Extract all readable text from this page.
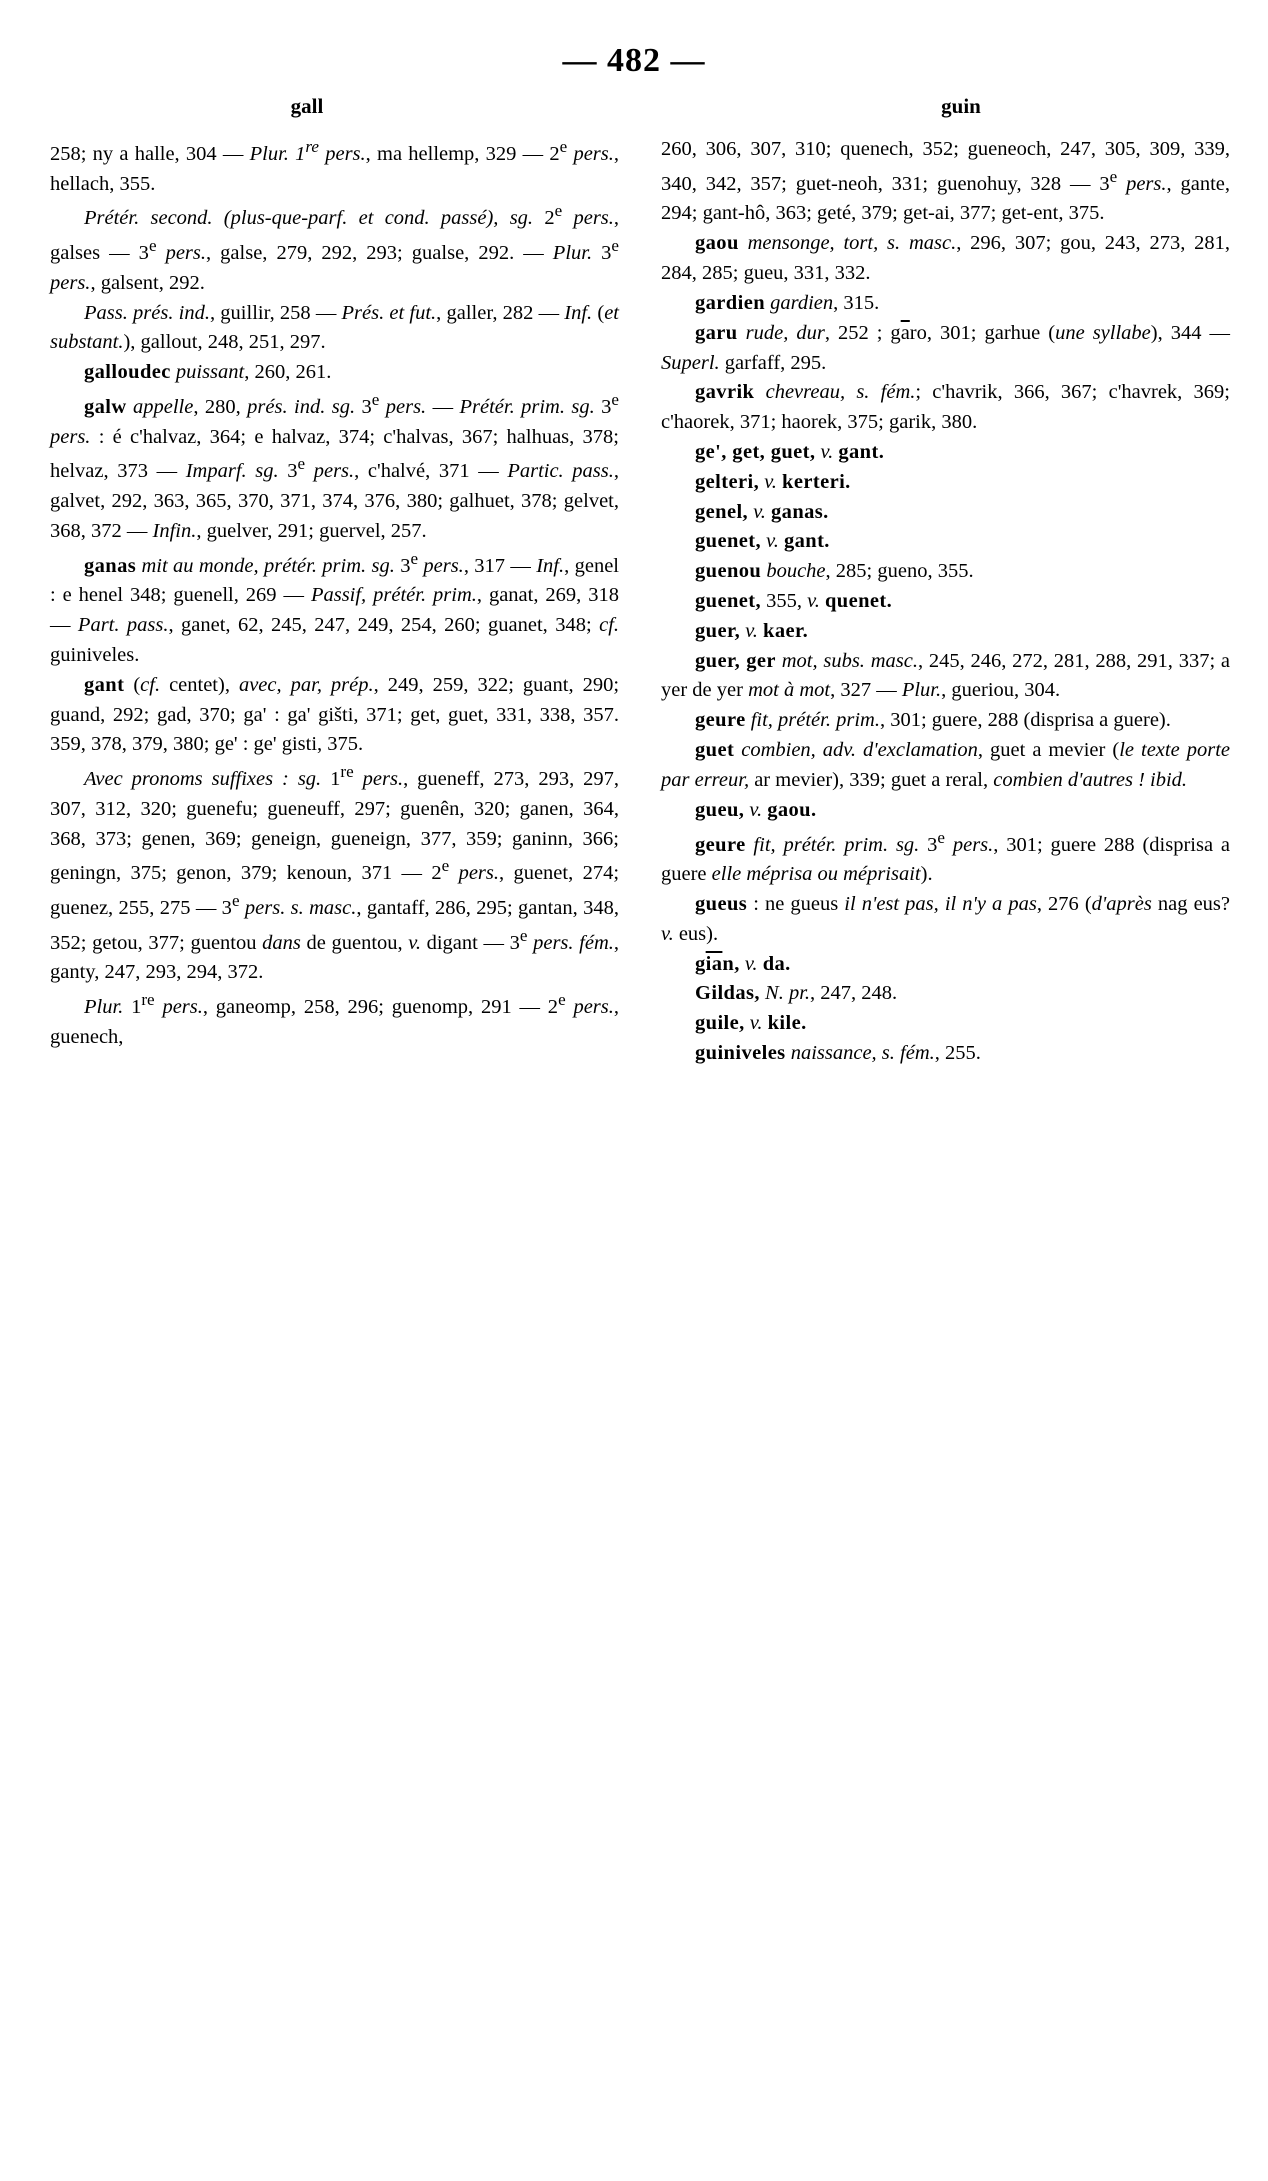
— 482 —
gall	guin

258; ny a halle, 304 — Plur. 1re pers., ma hellemp, 329 — 2e pers., hellach, 355.

Prétér. second. (plus-que-parf. et cond. passé), sg. 2e pers., galses — 3e pers., galse, 279, 292, 293; gualse, 292. — Plur. 3e pers., galsent, 292.

Pass. prés. ind., guillir, 258 — Prés. et fut., galler, 282 — Inf. (et substant.), gallout, 248, 251, 297.

galloudec puissant, 260, 261.

galw appelle, 280, prés. ind. sg. 3e pers. — Prétér. prim. sg. 3e pers. : é c'halvaz, 364; e halvaz, 374; c'halvas, 367; halhuas, 378; helvaz, 373 — Imparf. sg. 3e pers., c'halvé, 371 — Partic. pass., galvet, 292, 363, 365, 370, 371, 374, 376, 380; galhuet, 378; gelvet, 368, 372 — Infin., guelver, 291; guervel, 257.

ganas mit au monde, prétér. prim. sg. 3e pers., 317 — Inf., genel : e henel 348; guenell, 269 — Passif, prétér. prim., ganat, 269, 318 — Part. pass., ganet, 62, 245, 247, 249, 254, 260; guanet, 348; cf. guiniveles.

gant (cf. centet), avec, par, prép., 249, 259, 322; guant, 290; guand, 292; gad, 370; ga' : ga' gišti, 371; get, guet, 331, 338, 357. 359, 378, 379, 380; ge' : ge' gisti, 375.

Avec pronoms suffixes : sg. 1re pers., gueneff, 273, 293, 297, 307, 312, 320; guenefu; gueneuff, 297; guenên, 320; ganen, 364, 368, 373; genen, 369; geneign, gueneign, 377, 359; ganinn, 366; geningn, 375; genon, 379; kenoun, 371 — 2e pers., guenet, 274; guenez, 255, 275 — 3e pers. s. masc., gantaff, 286, 295; gantan, 348, 352; getou, 377; guentou dans de guentou, v. digant — 3e pers. fém., ganty, 247, 293, 294, 372.

Plur. 1re pers., ganeomp, 258, 296; guenomp, 291 — 2e pers., guenech,

260, 306, 307, 310; quenech, 352; gueneoch, 247, 305, 309, 339, 340, 342, 357; guet-neoh, 331; guenohuy, 328 — 3e pers., gante, 294; gant-hô, 363; geté, 379; get-ai, 377; get-ent, 375.

gaou mensonge, tort, s. masc., 296, 307; gou, 243, 273, 281, 284, 285; gueu, 331, 332.

gardien gardien, 315.

garu rude, dur, 252 ; $g\overline{a}ro$, 301; garhue (une syllabe), 344 — Superl. garfaff, 295.

gavrik chevreau, s. fém.; c'havrik, 366, 367; c'havrek, 369; c'haorek, 371; haorek, 375; garik, 380.

ge', get, guet, v. gant.

gelteri, v. kerteri.

genel, v. ganas.

guenet, v. gant.

guenou bouche, 285; gueno, 355.

guenet, 355, v. quenet.

guer, v. kaer.

guer, ger mot, subs. masc., 245, 246, 272, 281, 288, 291, 337; a yer de yer mot à mot, 327 — Plur., gueriou, 304.

geure fit, prétér. prim., 301; guere, 288 (disprisa a guere).

guet combien, adv. d'exclamation, guet a mevier (le texte porte par erreur, ar mevier), 339; guet a reral, combien d'autres ! ibid.

gueu, v. gaou.

geure fit, prétér. prim. sg. 3e pers., 301; guere 288 (disprisa a guere elle méprisa ou méprisait).

gueus : ne gueus il n'est pas, il n'y a pas, 276 (d'après nag eus? v. eus).

$g\overline{ia}n$, v. da.

Gildas, N. pr., 247, 248.

guile, v. kile.

guiniveles naissance, s. fém., 255.
